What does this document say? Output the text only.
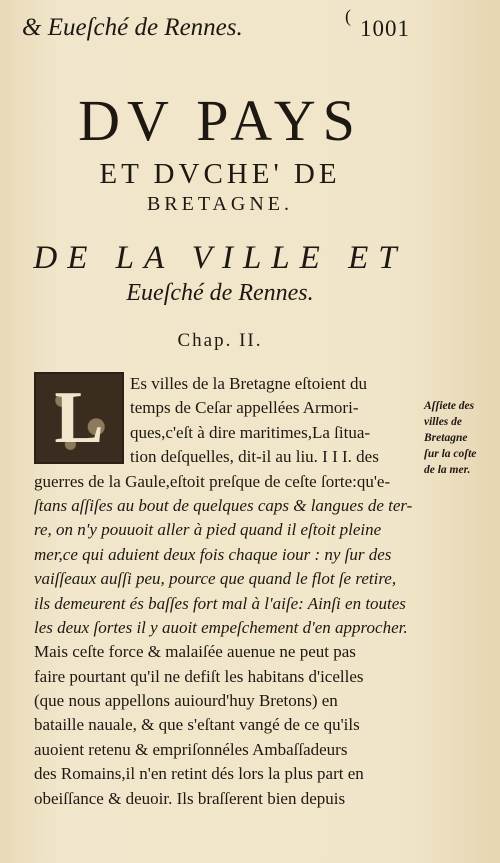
& Eueſché de Rennes.	( 1001
DV PAYS
ET DVCHE' DE
BRETAGNE.
DE LA VILLE ET
Eueſché de Rennes.
Chap. II.
Es villes de la Bretagne eſtoient du
temps de Ceſar appellées Armori-
ques,c'eſt à dire maritimes,La ſitua-
tion deſquelles, dit-il au liu. I I I. des
guerres de la Gaule,eſtoit preſque de ceſte ſorte:qu'e-
ſtans aſſiſes au bout de quelques caps & langues de ter-
re, on n'y pouuoit aller à pied quand il eſtoit pleine
mer,ce qui aduient deux fois chaque iour : ny ſur des
vaiſſeaux auſſi peu, pource que quand le flot ſe retire,
ils demeurent és baſſes fort mal à l'aiſe: Ainſi en toutes
les deux ſortes il y auoit empeſchement d'en approcher.
Mais ceſte force & malaiſée auenue ne peut pas
faire pourtant qu'il ne defiſt les habitans d'icelles
(que nous appellons auiourd'huy Bretons) en
bataille nauale, & que s'eſtant vangé de ce qu'ils
auoient retenu & empriſonnéles Ambaſſadeurs
des Romains,il n'en retint dés lors la plus part en
obeiſſance & deuoir. Ils braſſerent bien depuis
L	Aſſiete des
villes de
Bretagne
ſur la coſte
de la mer.
